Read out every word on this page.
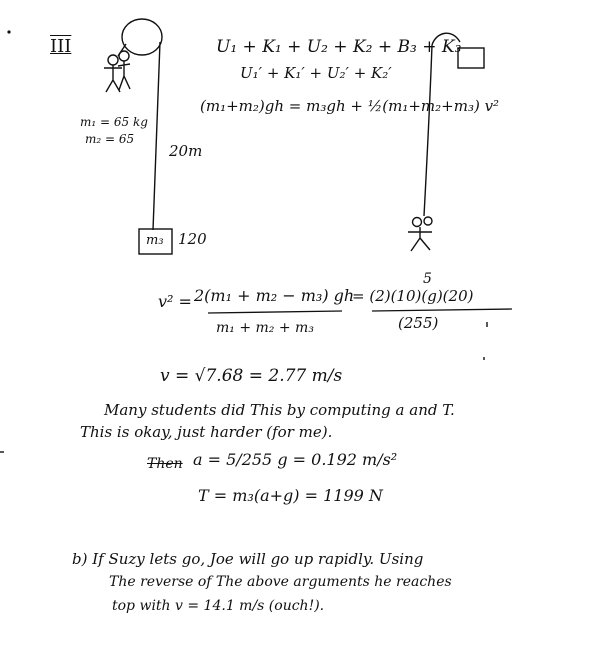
III	U₁ + K₁ + U₂ + K₂ + B₃ + K₃
U₁′ + K₁′ + U₂′ + K₂′
(m₁+m₂)gh = m₃gh + ½(m₁+m₂+m₃) v²
m₁ = 65 kg
m₂ = 65
20m
m₃ 120
v² = 2(m₁ + m₂ − m₃) gh
m₁ + m₂ + m₃
5
= (2)(10)(g)(20)
(255)
v = √7.68 = 2.77 m/s
Many students did This by computing a and T.
This is okay, just harder (for me).
Then a = 5/255 g = 0.192 m/s²
T = m₃(a+g) = 1199 N
b) If Suzy lets go, Joe will go up rapidly. Using
The reverse of The above arguments he reaches
top with v = 14.1 m/s (ouch!).
